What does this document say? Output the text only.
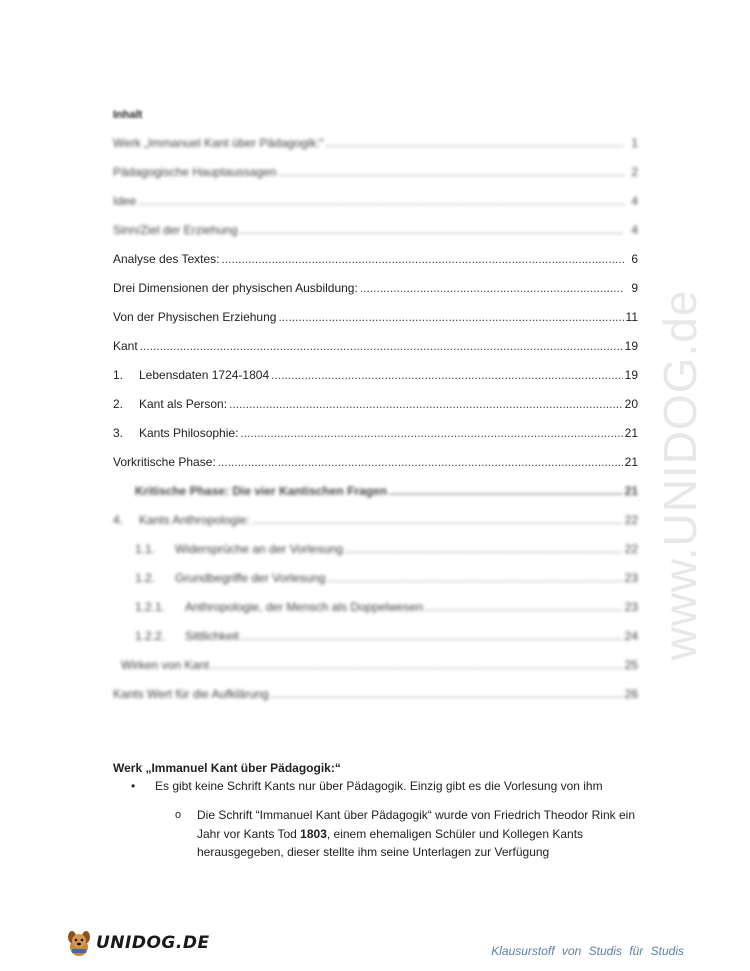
www.UNIDOG.de
Inhalt
Werk „Immanuel Kant über Pädagogik:“ .....	1
Pädagogische Hauptaussagen .....	2
Idee .....	4
Sinn/Ziel der Erziehung .....	4
Analyse des Textes: .....	6
Drei Dimensionen der physischen Ausbildung: .....	9
Von der Physischen Erziehung .....	11
Kant .....	19
1.	Lebensdaten 1724-1804 .....	19
2.	Kant als Person: .....	20
3.	Kants Philosophie: .....	21
Vorkritische Phase: .....	21
Kritische Phase: Die vier Kantischen Fragen .....	21
4.	Kants Anthropologie: .....	22
1.1.	Widersprüche an der Vorlesung .....	22
1.2.	Grundbegriffe der Vorlesung .....	23
1.2.1.	Anthropologie, der Mensch als Doppelwesen .....	23
1.2.2.	Sittlichkeit .....	24
Wirken von Kant .....	25
Kants Wert für die Aufklärung .....	26
Werk „Immanuel Kant über Pädagogik:“
•	Es gibt keine Schrift Kants nur über Pädagogik. Einzig gibt es die Vorlesung von ihm
o	Die Schrift “Immanuel Kant über Pädagogik“ wurde von Friedrich Theodor Rink ein Jahr vor Kants Tod 1803, einem ehemaligen Schüler und Kollegen Kants herausgegeben, dieser stellte ihm seine Unterlagen zur Verfügung
UNIDOG.DE	Klausurstoff von Studis für Studis
